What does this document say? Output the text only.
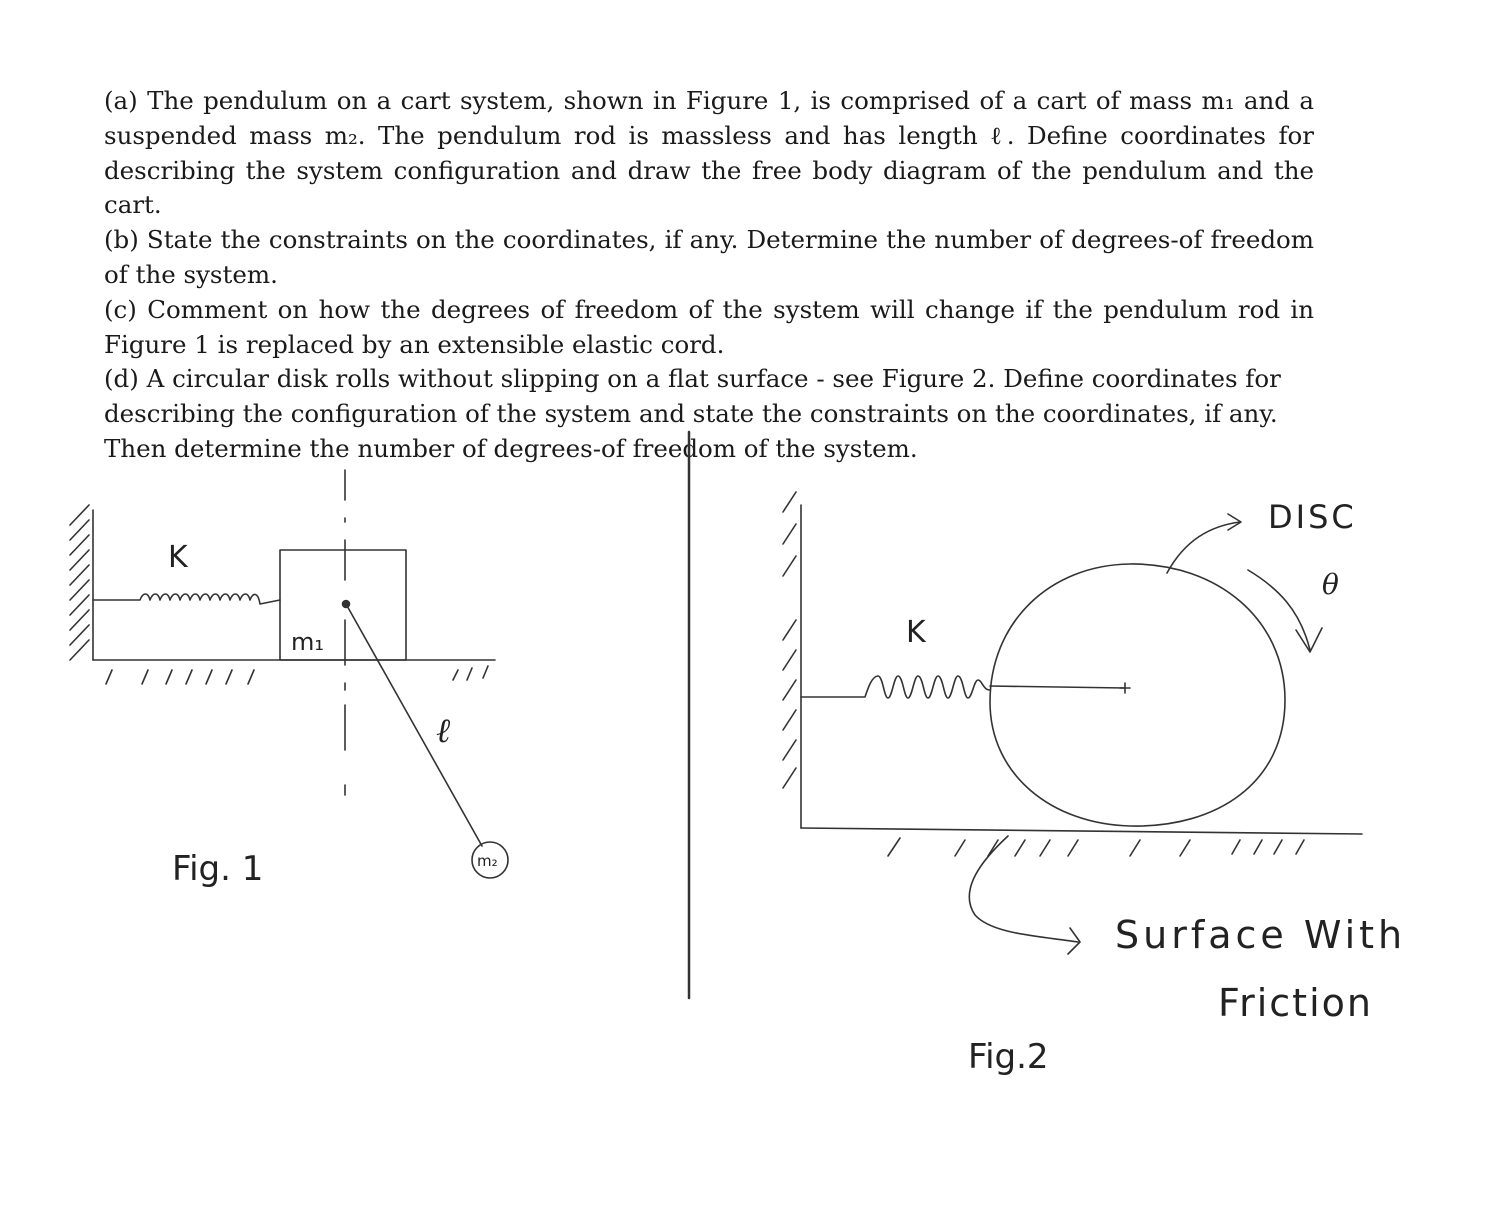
(a) The pendulum on a cart system, shown in Figure 1, is comprised of a cart of mass m₁ and a suspended mass m₂. The pendulum rod is massless and has length ℓ. Define coordinates for describing the system configuration and draw the free body diagram of the pendulum and the cart.

(b) State the constraints on the coordinates, if any. Determine the number of degrees-of freedom of the system.

(c) Comment on how the degrees of freedom of the system will change if the pendulum rod in Figure 1 is replaced by an extensible elastic cord.

(d) A circular disk rolls without slipping on a flat surface - see Figure 2. Define coordinates for describing the configuration of the system and state the constraints on the coordinates, if any. Then determine the number of degrees-of freedom of the system.

K
m₁
ℓ
m₂
Fig. 1
DISC
θ
K
Surface With
Friction
Fig.2
